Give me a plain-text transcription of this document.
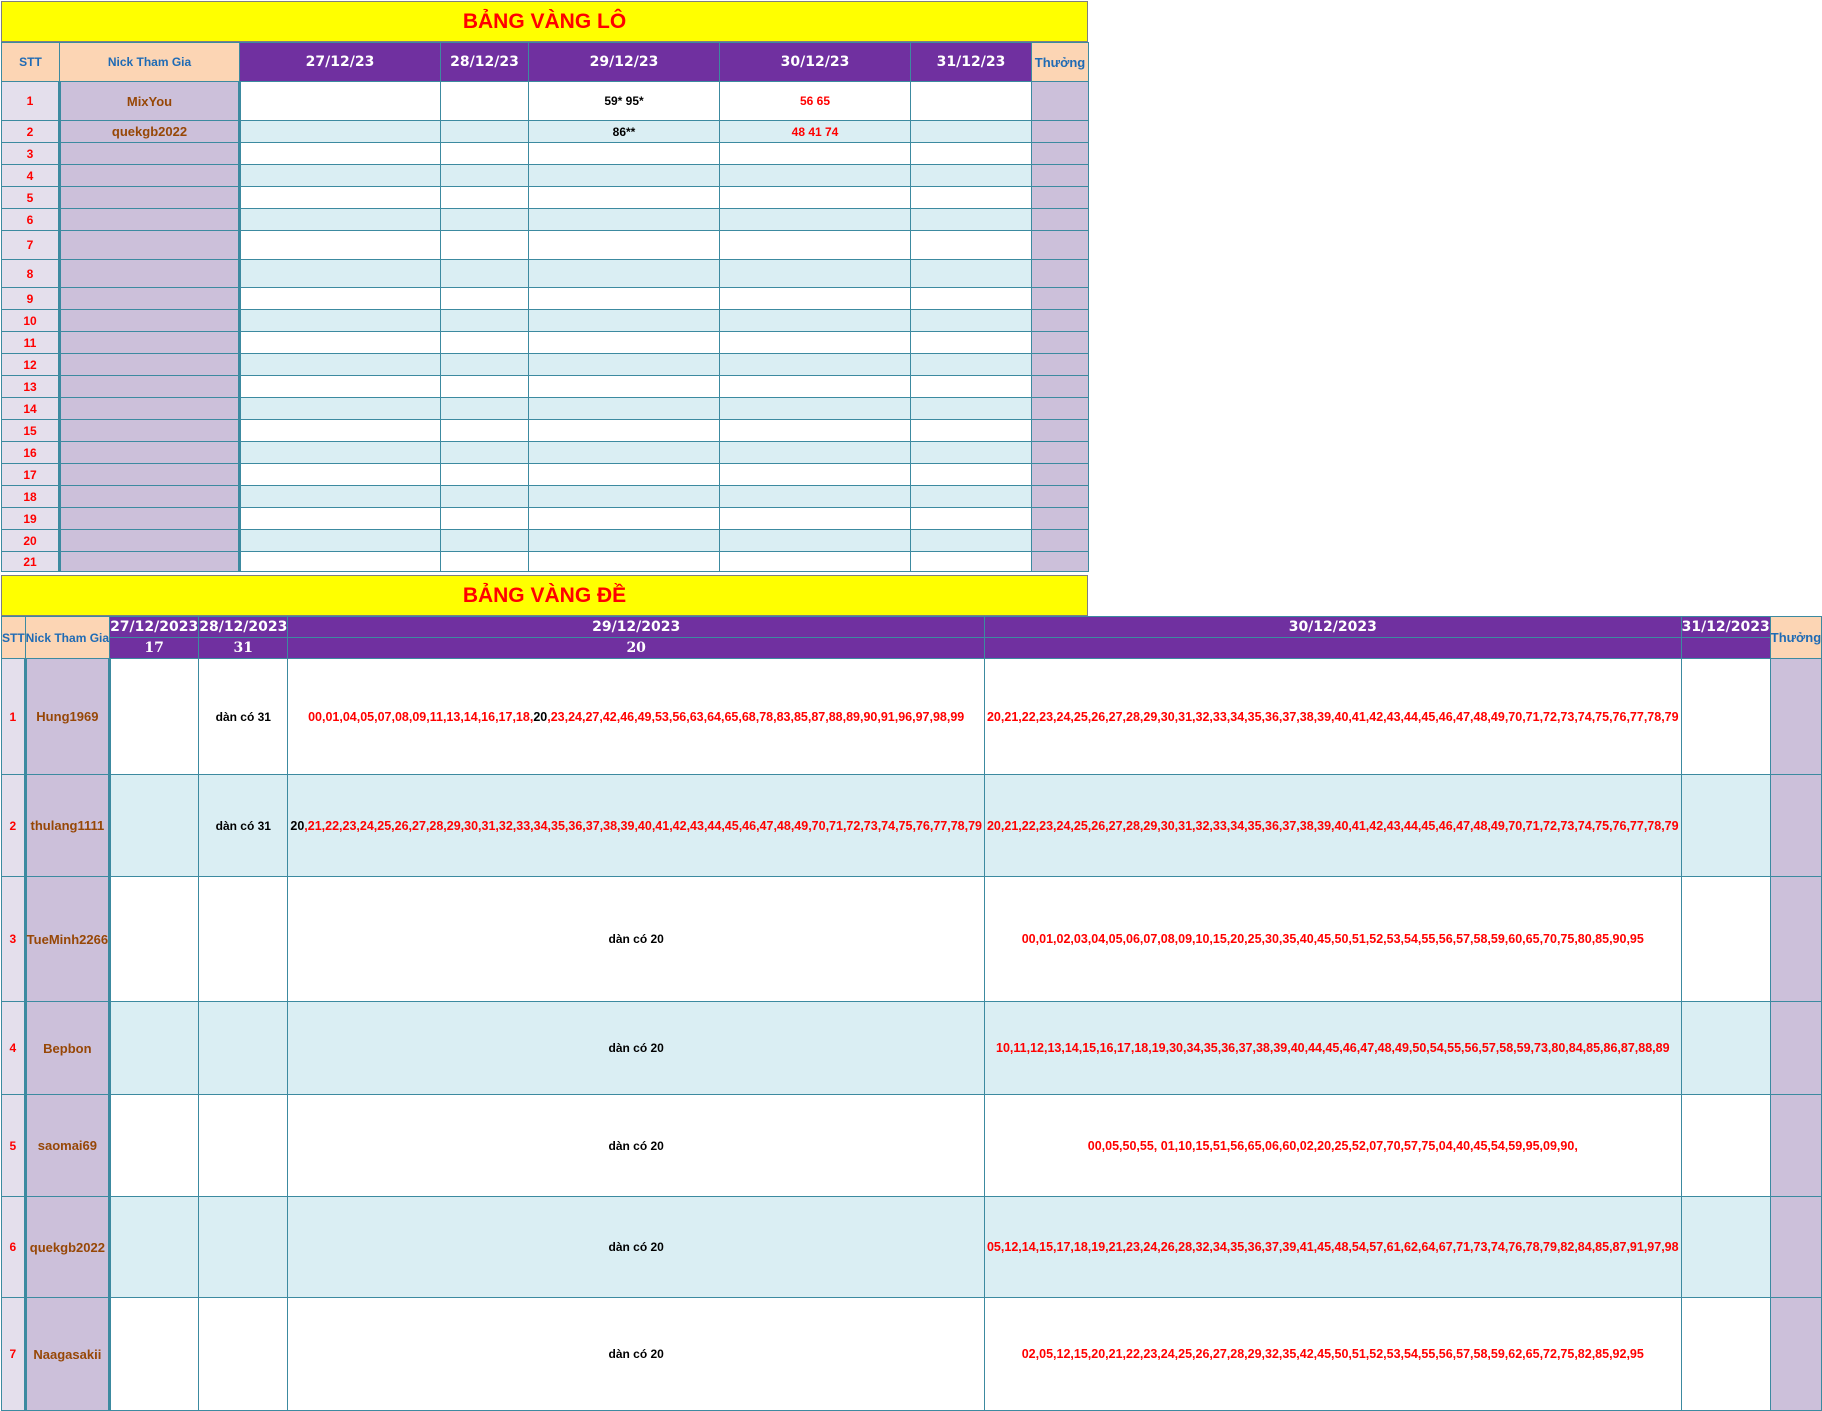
BẢNG VÀNG LÔ
STT	Nick Tham Gia	27/12/23	28/12/23	29/12/23	30/12/23	31/12/23	Thưởng
1	MixYou			59* 95*	56 65		
2	quekgb2022			86**	48 41 74		
3							
4							
5							
6							
7							
8							
9							
10							
11							
12							
13							
14							
15							
16							
17							
18							
19							
20							
21							
BẢNG VÀNG ĐỀ
STT	Nick Tham Gia	27/12/2023	28/12/2023	29/12/2023	30/12/2023	31/12/2023	Thưởng
		17	31	20			
1	Hung1969		dàn có 31	00,01,04,05,07,08,09,11,13,14,16,17,18,20,23,24,27,42,46,49,53,56,63,64,65,68,78,83,85,87,88,89,90,91,96,97,98,99	20,21,22,23,24,25,26,27,28,29,30,31,32,33,34,35,36,37,38,39,40,41,42,43,44,45,46,47,48,49,70,71,72,73,74,75,76,77,78,79		
2	thulang1111		dàn có 31	20,21,22,23,24,25,26,27,28,29,30,31,32,33,34,35,36,37,38,39,40,41,42,43,44,45,46,47,48,49,70,71,72,73,74,75,76,77,78,79	20,21,22,23,24,25,26,27,28,29,30,31,32,33,34,35,36,37,38,39,40,41,42,43,44,45,46,47,48,49,70,71,72,73,74,75,76,77,78,79		
3	TueMinh2266			dàn có 20	00,01,02,03,04,05,06,07,08,09,10,15,20,25,30,35,40,45,50,51,52,53,54,55,56,57,58,59,60,65,70,75,80,85,90,95		
4	Bepbon			dàn có 20	10,11,12,13,14,15,16,17,18,19,30,34,35,36,37,38,39,40,44,45,46,47,48,49,50,54,55,56,57,58,59,73,80,84,85,86,87,88,89		
5	saomai69			dàn có 20	00,05,50,55, 01,10,15,51,56,65,06,60,02,20,25,52,07,70,57,75,04,40,45,54,59,95,09,90,		
6	quekgb2022			dàn có 20	05,12,14,15,17,18,19,21,23,24,26,28,32,34,35,36,37,39,41,45,48,54,57,61,62,64,67,71,73,74,76,78,79,82,84,85,87,91,97,98		
7	Naagasakii			dàn có 20	02,05,12,15,20,21,22,23,24,25,26,27,28,29,32,35,42,45,50,51,52,53,54,55,56,57,58,59,62,65,72,75,82,85,92,95		
